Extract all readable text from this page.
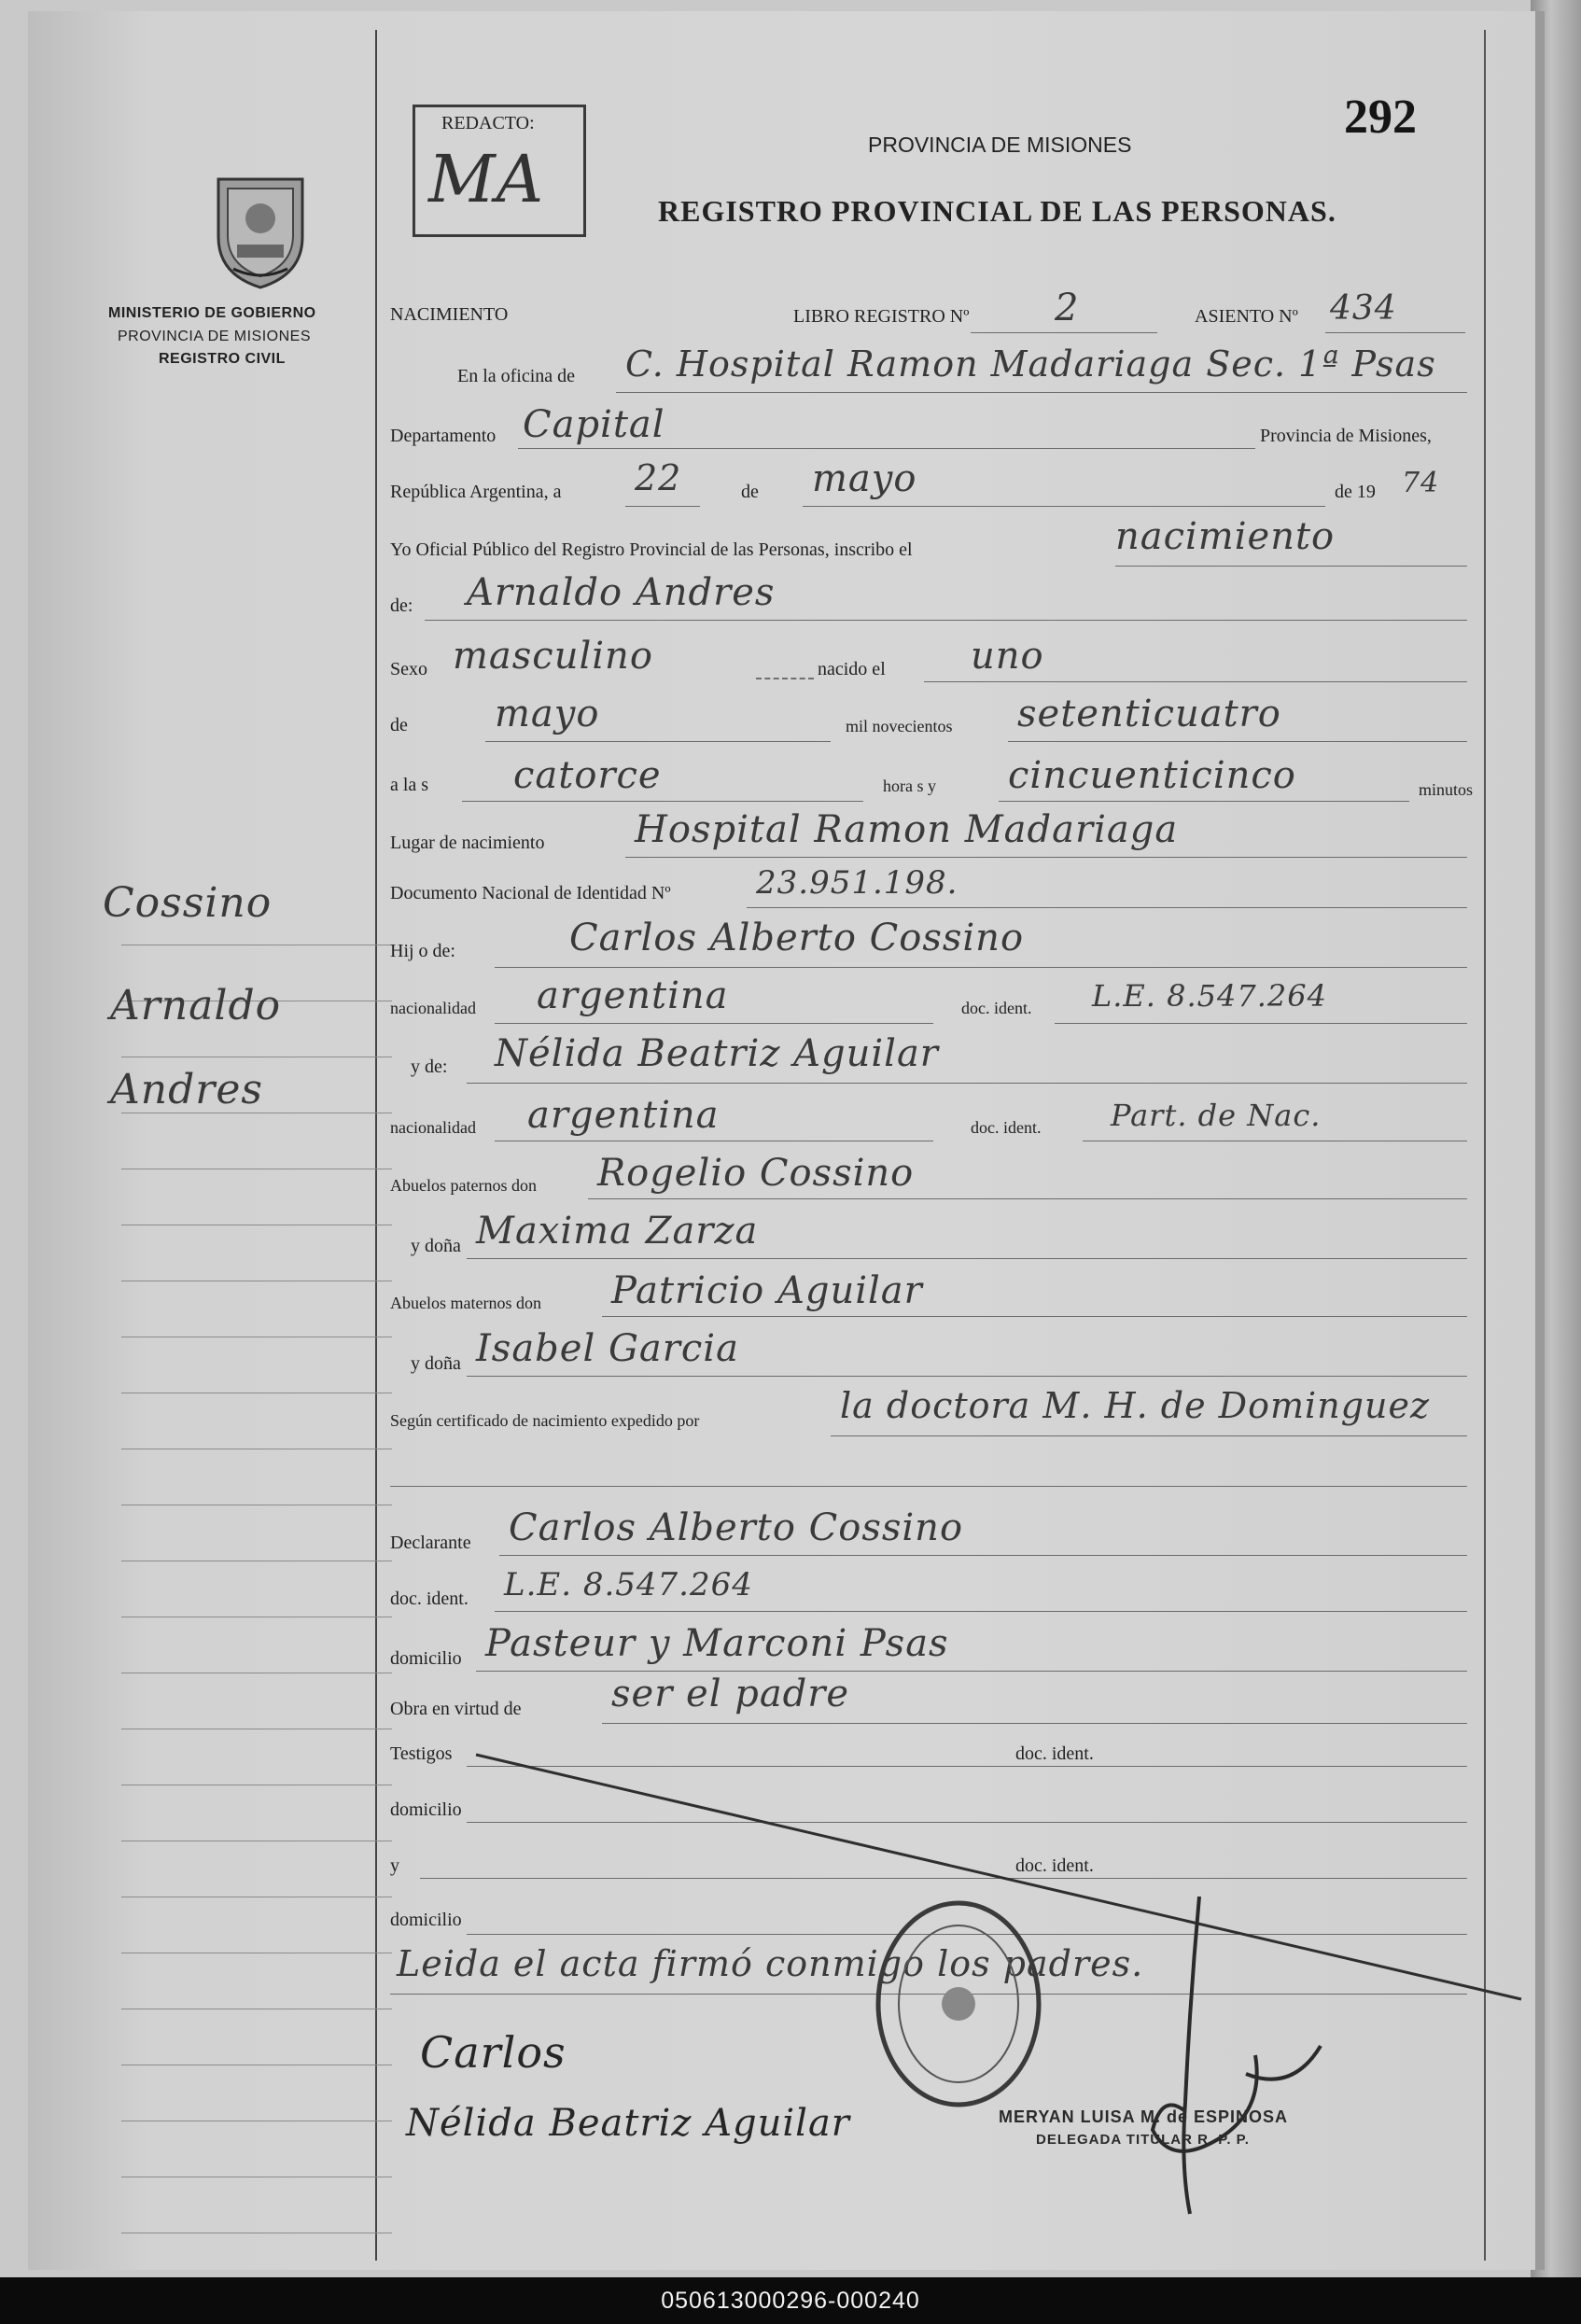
MINISTERIO DE GOBIERNO
PROVINCIA DE MISIONES
REGISTRO CIVIL
Cossino
Arnaldo
Andres
REDACTO:
MA
292
PROVINCIA DE MISIONES
REGISTRO PROVINCIAL DE LAS PERSONAS.
NACIMIENTO	LIBRO REGISTRO Nº 2	ASIENTO Nº 434
En la oficina de C. Hospital Ramon Madariaga Sec. 1ª Psas
Departamento Capital	Provincia de Misiones,
República Argentina, a 22	de mayo	de 19 74
Yo Oficial Público del Registro Provincial de las Personas, inscribo el	nacimiento
de: Arnaldo Andres
Sexo masculino	nacido el uno
de mayo	mil novecientos setenticuatro
a la s catorce	hora s y cincuenticinco	minutos
Lugar de nacimiento Hospital Ramon Madariaga
Documento Nacional de Identidad Nº	23.951.198.
Hij o de:	Carlos Alberto Cossino
nacionalidad argentina	doc. ident. L.E. 8.547.264
y de: Nélida Beatriz Aguilar
nacionalidad argentina	doc. ident. Part. de Nac.
Abuelos paternos don Rogelio Cossino
y doña Maxima Zarza
Abuelos maternos don Patricio Aguilar
y doña Isabel Garcia
Según certificado de nacimiento expedido por	la doctora M. H. de Dominguez
Declarante Carlos Alberto Cossino
doc. ident. L.E. 8.547.264
domicilio Pasteur y Marconi Psas
Obra en virtud de ser el padre
Testigos	doc. ident.
domicilio
y	doc. ident.
domicilio
Leida el acta firmó conmigo los padres.
Carlos
Nélida Beatriz Aguilar	MERYAN LUISA M. de ESPINOSA
DELEGADA TITULAR R. P. P.
050613000296-000240
